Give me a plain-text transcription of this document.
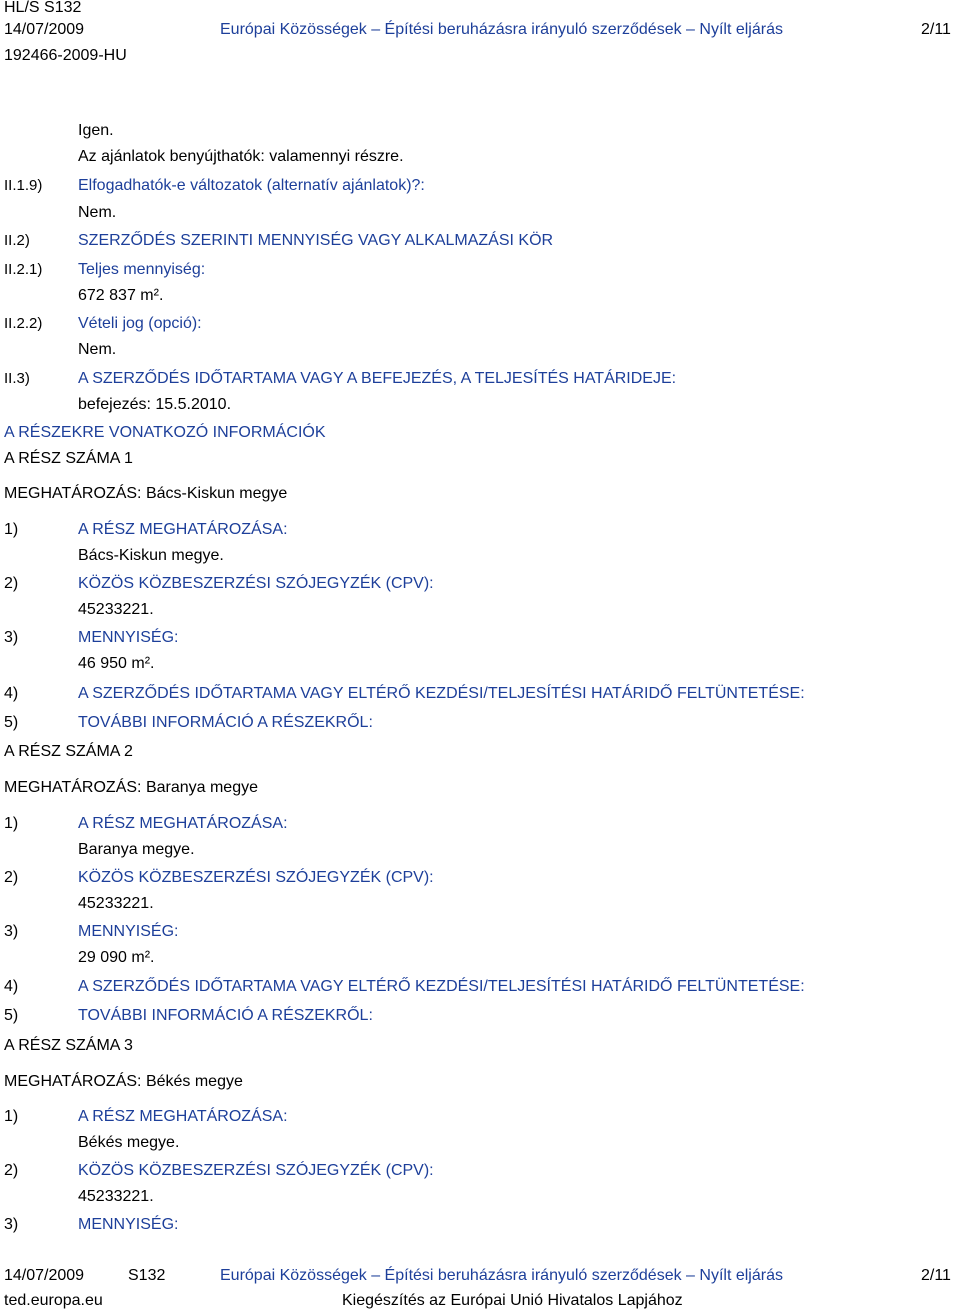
HL/S S132
14/07/2009	Európai Közösségek – Építési beruházásra irányuló szerződések – Nyílt eljárás	2/11
192466-2009-HU
Igen.
Az ajánlatok benyújthatók: valamennyi részre.
II.1.9) Elfogadhatók-e változatok (alternatív ajánlatok)?:
Nem.
II.2)	SZERZŐDÉS SZERINTI MENNYISÉG VAGY ALKALMAZÁSI KÖR
II.2.1) Teljes mennyiség:
672 837 m².
II.2.2) Vételi jog (opció):
Nem.
II.3)	A SZERZŐDÉS IDŐTARTAMA VAGY A BEFEJEZÉS, A TELJESÍTÉS HATÁRIDEJE:
befejezés: 15.5.2010.
A RÉSZEKRE VONATKOZÓ INFORMÁCIÓK
A RÉSZ SZÁMA 1
MEGHATÁROZÁS: Bács-Kiskun megye
1)	A RÉSZ MEGHATÁROZÁSA:
Bács-Kiskun megye.
2)	KÖZÖS KÖZBESZERZÉSI SZÓJEGYZÉK (CPV):
45233221.
3)	MENNYISÉG:
46 950 m².
4)	A SZERZŐDÉS IDŐTARTAMA VAGY ELTÉRŐ KEZDÉSI/TELJESÍTÉSI HATÁRIDŐ FELTÜNTETÉSE:
5)	TOVÁBBI INFORMÁCIÓ A RÉSZEKRŐL:
A RÉSZ SZÁMA 2
MEGHATÁROZÁS: Baranya megye
1)	A RÉSZ MEGHATÁROZÁSA:
Baranya megye.
2)	KÖZÖS KÖZBESZERZÉSI SZÓJEGYZÉK (CPV):
45233221.
3)	MENNYISÉG:
29 090 m².
4)	A SZERZŐDÉS IDŐTARTAMA VAGY ELTÉRŐ KEZDÉSI/TELJESÍTÉSI HATÁRIDŐ FELTÜNTETÉSE:
5)	TOVÁBBI INFORMÁCIÓ A RÉSZEKRŐL:
A RÉSZ SZÁMA 3
MEGHATÁROZÁS: Békés megye
1)	A RÉSZ MEGHATÁROZÁSA:
Békés megye.
2)	KÖZÖS KÖZBESZERZÉSI SZÓJEGYZÉK (CPV):
45233221.
3)	MENNYISÉG:
14/07/2009	S132	Európai Közösségek – Építési beruházásra irányuló szerződések – Nyílt eljárás	2/11
ted.europa.eu	Kiegészítés az Európai Unió Hivatalos Lapjához
